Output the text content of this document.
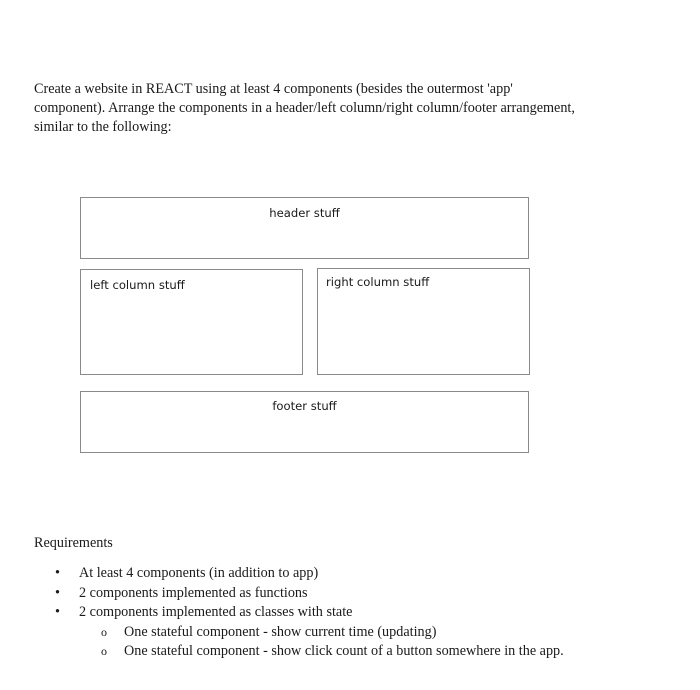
Create a website in REACT using at least 4 components (besides the outermost 'app'
component). Arrange the components in a header/left column/right column/footer arrangement,
similar to the following:

header stuff
left column stuff	right column stuff
footer stuff

Requirements

• At least 4 components (in addition to app)
• 2 components implemented as functions
• 2 components implemented as classes with state
o One stateful component - show current time (updating)
o One stateful component - show click count of a button somewhere in the app.
